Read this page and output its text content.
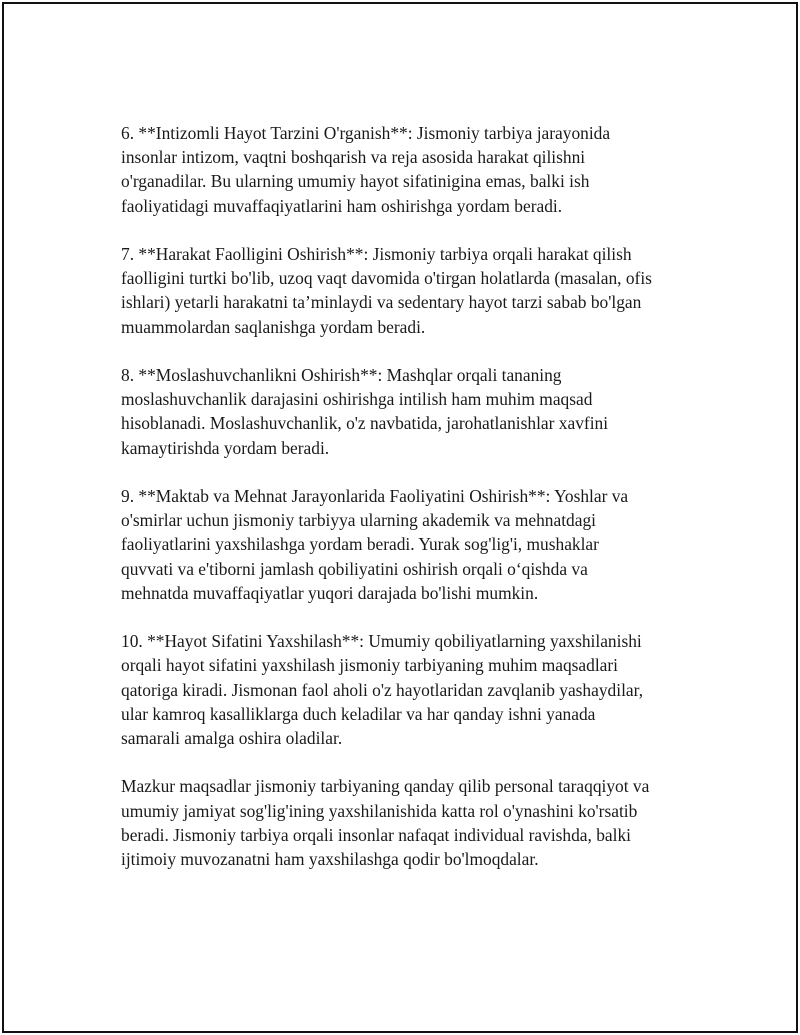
6. **Intizomli Hayot Tarzini O'rganish**: Jismoniy tarbiya jarayonida
insonlar intizom, vaqtni boshqarish va reja asosida harakat qilishni
o'rganadilar. Bu ularning umumiy hayot sifatinigina emas, balki ish
faoliyatidagi muvaffaqiyatlarini ham oshirishga yordam beradi.

7. **Harakat Faolligini Oshirish**: Jismoniy tarbiya orqali harakat qilish
faolligini turtki bo'lib, uzoq vaqt davomida o'tirgan holatlarda (masalan, ofis
ishlari) yetarli harakatni ta’minlaydi va sedentary hayot tarzi sabab bo'lgan
muammolardan saqlanishga yordam beradi.

8. **Moslashuvchanlikni Oshirish**: Mashqlar orqali tananing
moslashuvchanlik darajasini oshirishga intilish ham muhim maqsad
hisoblanadi. Moslashuvchanlik, o'z navbatida, jarohatlanishlar xavfini
kamaytirishda yordam beradi.

9. **Maktab va Mehnat Jarayonlarida Faoliyatini Oshirish**: Yoshlar va
o'smirlar uchun jismoniy tarbiyya ularning akademik va mehnatdagi
faoliyatlarini yaxshilashga yordam beradi. Yurak sog'lig'i, mushaklar
quvvati va e'tiborni jamlash qobiliyatini oshirish orqali o‘qishda va
mehnatda muvaffaqiyatlar yuqori darajada bo'lishi mumkin.

10. **Hayot Sifatini Yaxshilash**: Umumiy qobiliyatlarning yaxshilanishi
orqali hayot sifatini yaxshilash jismoniy tarbiyaning muhim maqsadlari
qatoriga kiradi. Jismonan faol aholi o'z hayotlaridan zavqlanib yashaydilar,
ular kamroq kasalliklarga duch keladilar va har qanday ishni yanada
samarali amalga oshira oladilar.

Mazkur maqsadlar jismoniy tarbiyaning qanday qilib personal taraqqiyot va
umumiy jamiyat sog'lig'ining yaxshilanishida katta rol o'ynashini ko'rsatib
beradi. Jismoniy tarbiya orqali insonlar nafaqat individual ravishda, balki
ijtimoiy muvozanatni ham yaxshilashga qodir bo'lmoqdalar.
